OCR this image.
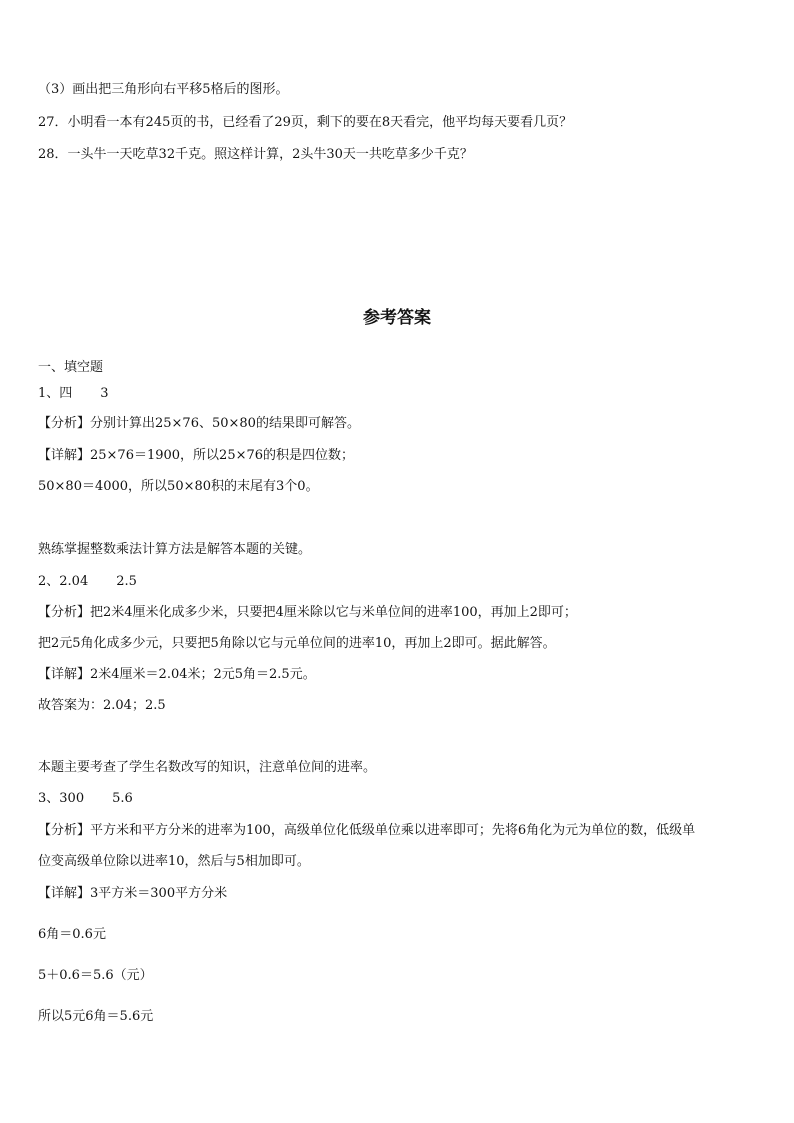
（3）画出把三角形向右平移5格后的图形。
27．小明看一本有245页的书，已经看了29页，剩下的要在8天看完，他平均每天要看几页？
28．一头牛一天吃草32千克。照这样计算，2头牛30天一共吃草多少千克？
参考答案
一、填空题
1、四 3
【分析】分别计算出25×76、50×80的结果即可解答。
【详解】25×76＝1900，所以25×76的积是四位数；
50×80＝4000，所以50×80积的末尾有3个0。
熟练掌握整数乘法计算方法是解答本题的关键。
2、2.04 2.5
【分析】把2米4厘米化成多少米，只要把4厘米除以它与米单位间的进率100，再加上2即可；
把2元5角化成多少元，只要把5角除以它与元单位间的进率10，再加上2即可。据此解答。
【详解】2米4厘米＝2.04米；2元5角＝2.5元。
故答案为：2.04；2.5
本题主要考查了学生名数改写的知识，注意单位间的进率。
3、300 5.6
【分析】平方米和平方分米的进率为100，高级单位化低级单位乘以进率即可；先将6角化为元为单位的数，低级单
位变高级单位除以进率10，然后与5相加即可。
【详解】3平方米＝300平方分米
6角＝0.6元
5＋0.6＝5.6（元）
所以5元6角＝5.6元
